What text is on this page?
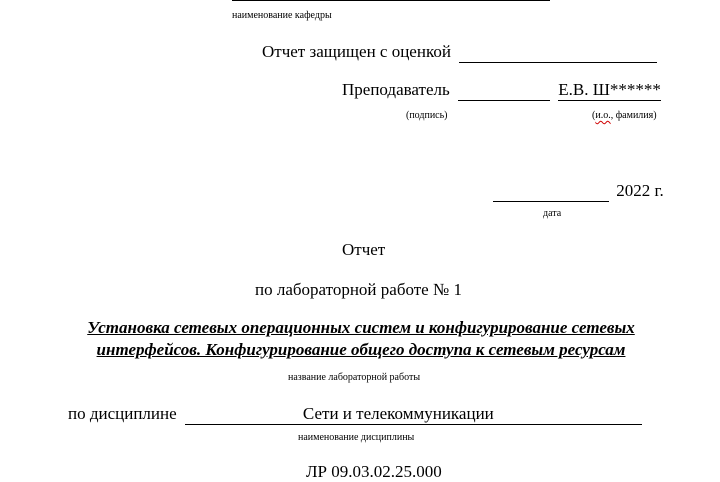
наименование кафедры
Отчет защищен с оценкой
Преподаватель	Е.В. Ш******
(подпись)	(и.о., фамилия)
2022 г.
дата
Отчет
по лабораторной работе № 1
Установка сетевых операционных систем и конфигурирование сетевых
интерфейсов. Конфигурирование общего доступа к сетевым ресурсам
название лабораторной работы
по дисциплине	Сети и телекоммуникации
наименование дисциплины
ЛР 09.03.02.25.000
